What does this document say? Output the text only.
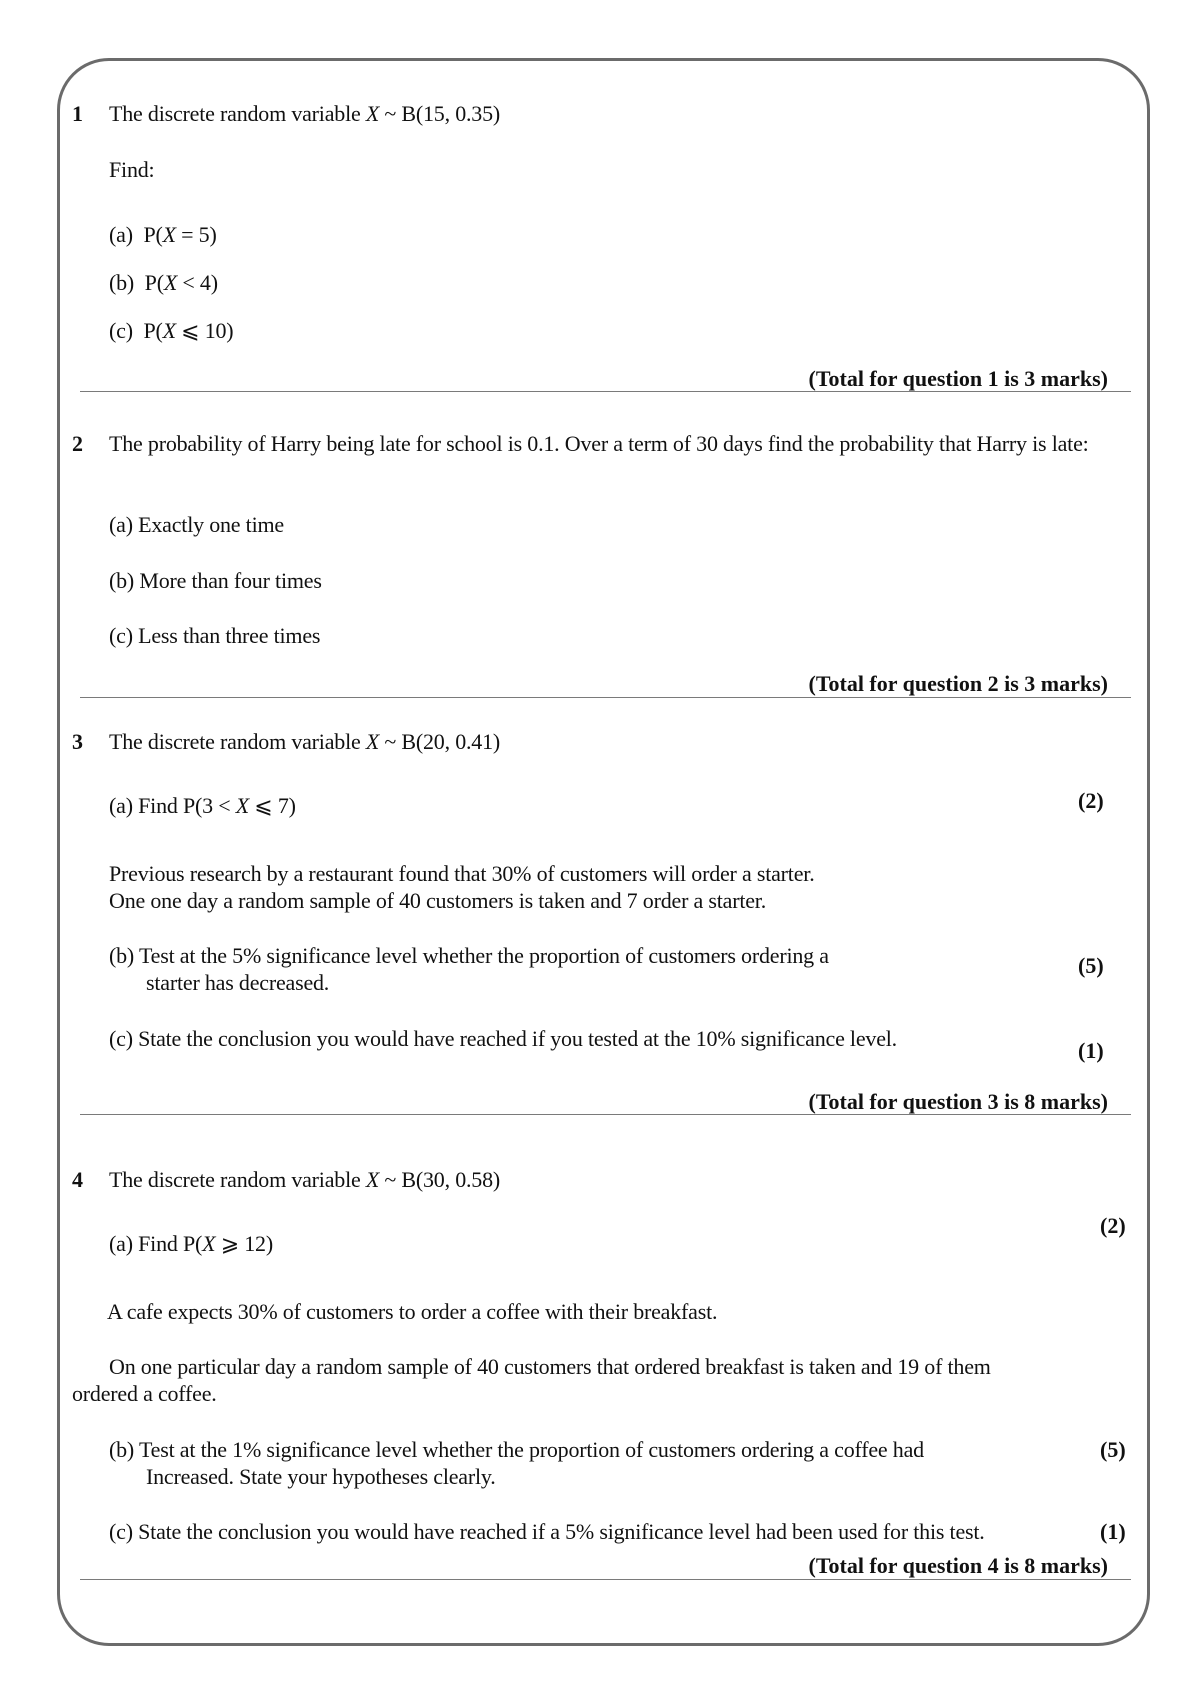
1 The discrete random variable X ~ B(15, 0.35)
Find:
(a) P(X = 5)
(b) P(X < 4)
(c) P(X ⩽ 10)
(Total for question 1 is 3 marks)
2 The probability of Harry being late for school is 0.1. Over a term of 30 days find the probability that Harry is late:
(a) Exactly one time
(b) More than four times
(c) Less than three times
(Total for question 2 is 3 marks)
3 The discrete random variable X ~ B(20, 0.41)
(a) Find P(3 < X ⩽ 7)	(2)
Previous research by a restaurant found that 30% of customers will order a starter.
One one day a random sample of 40 customers is taken and 7 order a starter.
(b) Test at the 5% significance level whether the proportion of customers ordering a
starter has decreased.
(5)
(c) State the conclusion you would have reached if you tested at the 10% significance level.	(1)
(Total for question 3 is 8 marks)
4 The discrete random variable X ~ B(30, 0.58)
(2)
(a) Find P(X ⩾ 12)
A cafe expects 30% of customers to order a coffee with their breakfast.
On one particular day a random sample of 40 customers that ordered breakfast is taken and 19 of them
ordered a coffee.
(b) Test at the 1% significance level whether the proportion of customers ordering a coffee had
Increased. State your hypotheses clearly.
(5)
(c) State the conclusion you would have reached if a 5% significance level had been used for this test.	(1)
(Total for question 4 is 8 marks)
